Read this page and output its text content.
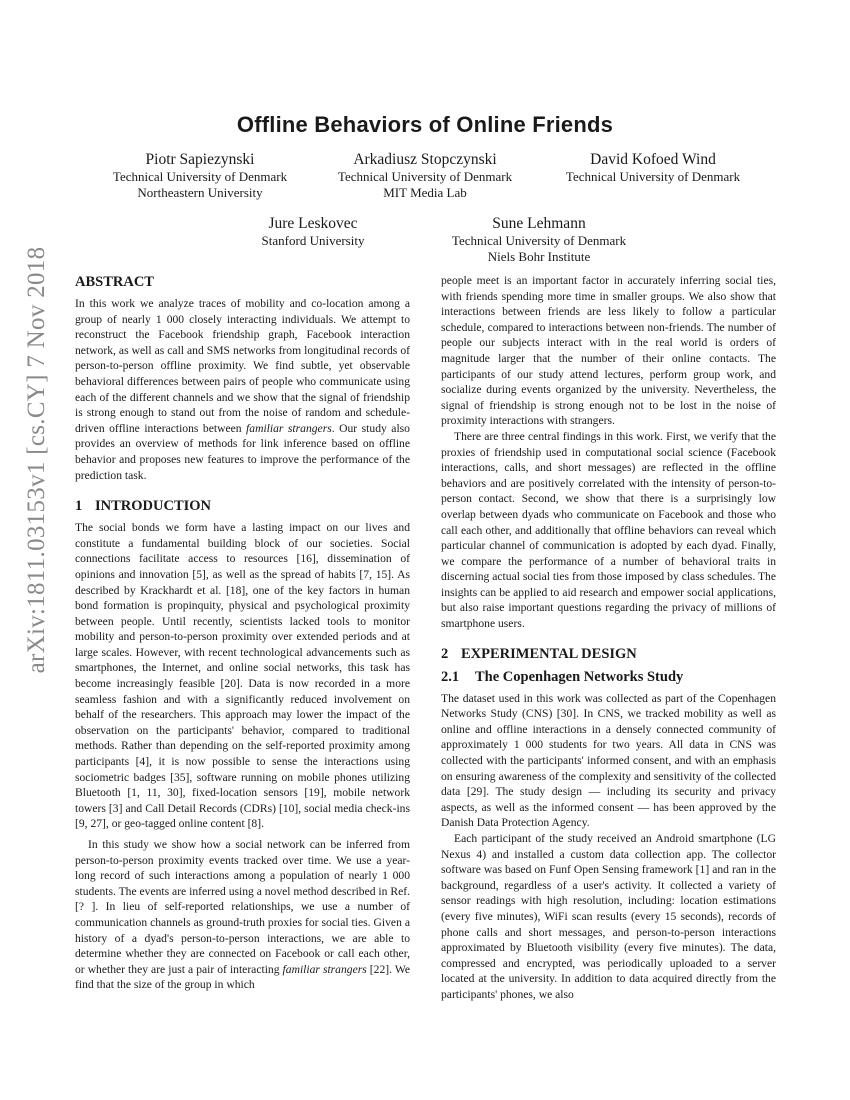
arXiv:1811.03153v1 [cs.CY] 7 Nov 2018
Offline Behaviors of Online Friends
Piotr Sapiezynski
Technical University of Denmark
Northeastern University
Arkadiusz Stopczynski
Technical University of Denmark
MIT Media Lab
David Kofoed Wind
Technical University of Denmark
Jure Leskovec
Stanford University
Sune Lehmann
Technical University of Denmark
Niels Bohr Institute
ABSTRACT

In this work we analyze traces of mobility and co-location among a group of nearly 1 000 closely interacting individuals. We attempt to reconstruct the Facebook friendship graph, Facebook interaction network, as well as call and SMS networks from longitudinal records of person-to-person offline proximity. We find subtle, yet observable behavioral differences between pairs of people who communicate using each of the different channels and we show that the signal of friendship is strong enough to stand out from the noise of random and schedule-driven offline interactions between familiar strangers. Our study also provides an overview of methods for link inference based on offline behavior and proposes new features to improve the performance of the prediction task.

1 INTRODUCTION

The social bonds we form have a lasting impact on our lives and constitute a fundamental building block of our societies. Social connections facilitate access to resources [16], dissemination of opinions and innovation [5], as well as the spread of habits [7, 15]. As described by Krackhardt et al. [18], one of the key factors in human bond formation is propinquity, physical and psychological proximity between people. Until recently, scientists lacked tools to monitor mobility and person-to-person proximity over extended periods and at large scales. However, with recent technological advancements such as smartphones, the Internet, and online social networks, this task has become increasingly feasible [20]. Data is now recorded in a more seamless fashion and with a significantly reduced involvement on behalf of the researchers. This approach may lower the impact of the observation on the participants' behavior, compared to traditional methods. Rather than depending on the self-reported proximity among participants [4], it is now possible to sense the interactions using sociometric badges [35], software running on mobile phones utilizing Bluetooth [1, 11, 30], fixed-location sensors [19], mobile network towers [3] and Call Detail Records (CDRs) [10], social media check-ins [9, 27], or geo-tagged online content [8].

In this study we show how a social network can be inferred from person-to-person proximity events tracked over time. We use a year-long record of such interactions among a population of nearly 1 000 students. The events are inferred using a novel method described in Ref. [? ]. In lieu of self-reported relationships, we use a number of communication channels as ground-truth proxies for social ties. Given a history of a dyad's person-to-person interactions, we are able to determine whether they are connected on Facebook or call each other, or whether they are just a pair of interacting familiar strangers [22]. We find that the size of the group in which

people meet is an important factor in accurately inferring social ties, with friends spending more time in smaller groups. We also show that interactions between friends are less likely to follow a particular schedule, compared to interactions between non-friends. The number of people our subjects interact with in the real world is orders of magnitude larger that the number of their online contacts. The participants of our study attend lectures, perform group work, and socialize during events organized by the university. Nevertheless, the signal of friendship is strong enough not to be lost in the noise of proximity interactions with strangers.

There are three central findings in this work. First, we verify that the proxies of friendship used in computational social science (Facebook interactions, calls, and short messages) are reflected in the offline behaviors and are positively correlated with the intensity of person-to-person contact. Second, we show that there is a surprisingly low overlap between dyads who communicate on Facebook and those who call each other, and additionally that offline behaviors can reveal which particular channel of communication is adopted by each dyad. Finally, we compare the performance of a number of behavioral traits in discerning actual social ties from those imposed by class schedules. The insights can be applied to aid research and empower social applications, but also raise important questions regarding the privacy of millions of smartphone users.

2 EXPERIMENTAL DESIGN
2.1 The Copenhagen Networks Study

The dataset used in this work was collected as part of the Copenhagen Networks Study (CNS) [30]. In CNS, we tracked mobility as well as online and offline interactions in a densely connected community of approximately 1 000 students for two years. All data in CNS was collected with the participants' informed consent, and with an emphasis on ensuring awareness of the complexity and sensitivity of the collected data [29]. The study design — including its security and privacy aspects, as well as the informed consent — has been approved by the Danish Data Protection Agency.

Each participant of the study received an Android smartphone (LG Nexus 4) and installed a custom data collection app. The collector software was based on Funf Open Sensing framework [1] and ran in the background, regardless of a user's activity. It collected a variety of sensor readings with high resolution, including: location estimations (every five minutes), WiFi scan results (every 15 seconds), records of phone calls and short messages, and person-to-person interactions approximated by Bluetooth visibility (every five minutes). The data, compressed and encrypted, was periodically uploaded to a server located at the university. In addition to data acquired directly from the participants' phones, we also
